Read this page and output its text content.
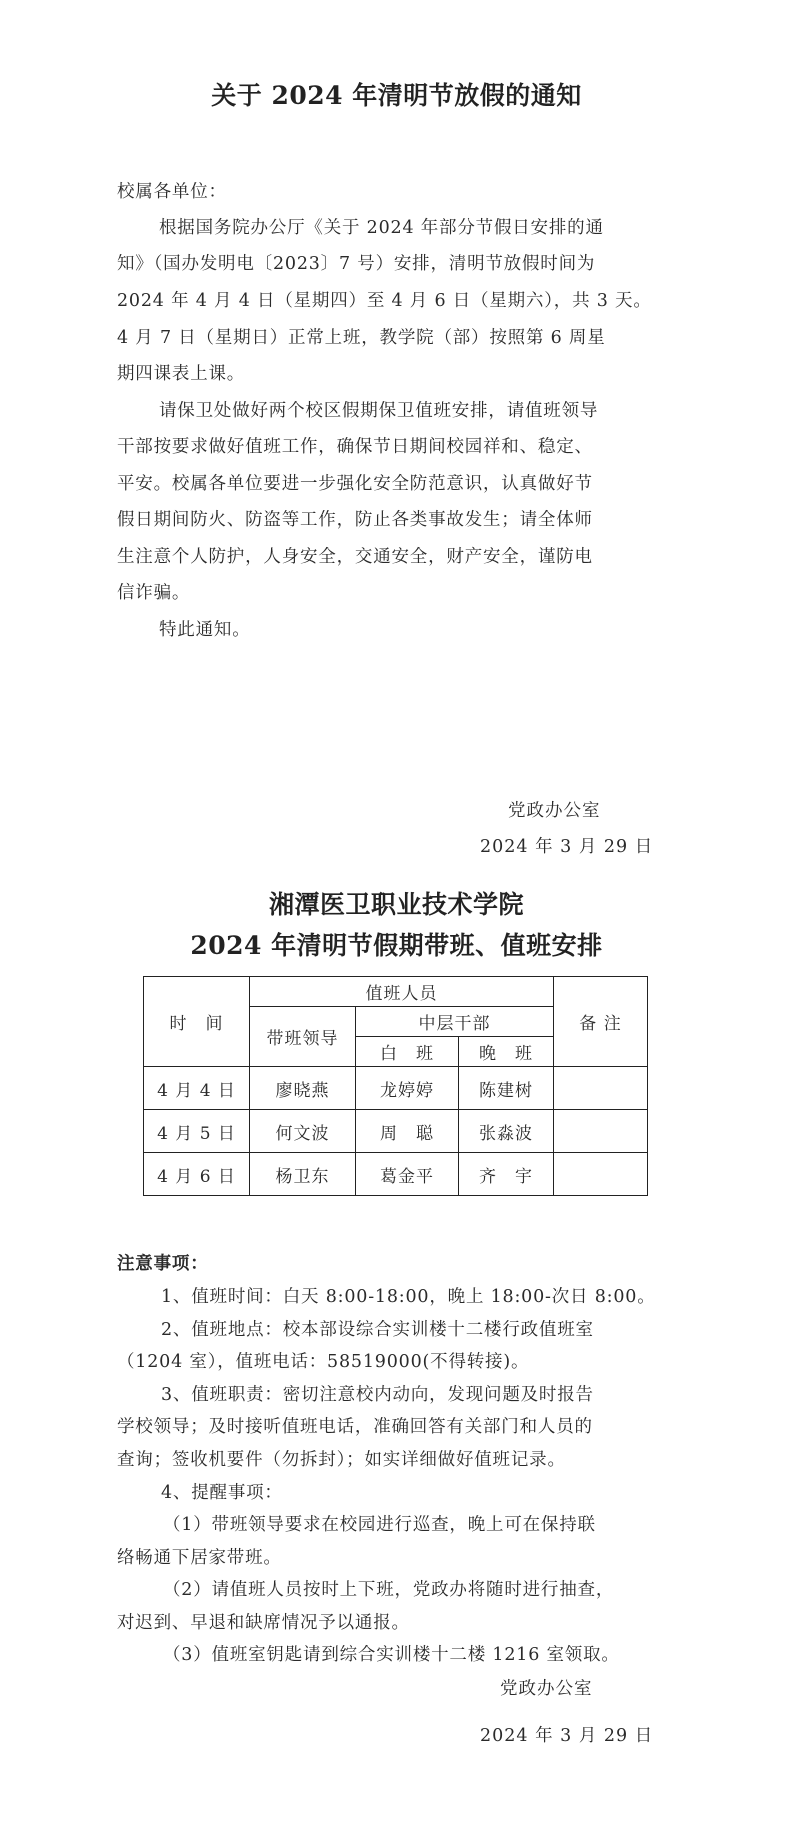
关于 2024 年清明节放假的通知
校属各单位：
根据国务院办公厅《关于 2024 年部分节假日安排的通
知》（国办发明电〔2023〕7 号）安排，清明节放假时间为
2024 年 4 月 4 日（星期四）至 4 月 6 日（星期六），共 3 天。
4 月 7 日（星期日）正常上班，教学院（部）按照第 6 周星
期四课表上课。
请保卫处做好两个校区假期保卫值班安排，请值班领导
干部按要求做好值班工作，确保节日期间校园祥和、稳定、
平安。校属各单位要进一步强化安全防范意识，认真做好节
假日期间防火、防盗等工作，防止各类事故发生；请全体师
生注意个人防护，人身安全，交通安全，财产安全，谨防电
信诈骗。
特此通知。
党政办公室
2024 年 3 月 29 日
湘潭医卫职业技术学院
2024 年清明节假期带班、值班安排
时　间	值班人员			备 注
	带班领导	中层干部		
		白　班	晚　班	
4 月 4 日	廖晓燕	龙婷婷	陈建树	
4 月 5 日	何文波	周　聪	张淼波	
4 月 6 日	杨卫东	葛金平	齐　宇	
注意事项：
1、值班时间：白天 8:00-18:00，晚上 18:00-次日 8:00。
2、值班地点：校本部设综合实训楼十二楼行政值班室
（1204 室），值班电话：58519000(不得转接)。
3、值班职责：密切注意校内动向，发现问题及时报告
学校领导；及时接听值班电话，准确回答有关部门和人员的
查询；签收机要件（勿拆封）；如实详细做好值班记录。
4、提醒事项：
（1）带班领导要求在校园进行巡查，晚上可在保持联
络畅通下居家带班。
（2）请值班人员按时上下班，党政办将随时进行抽查，
对迟到、早退和缺席情况予以通报。
（3）值班室钥匙请到综合实训楼十二楼 1216 室领取。
党政办公室
2024 年 3 月 29 日
